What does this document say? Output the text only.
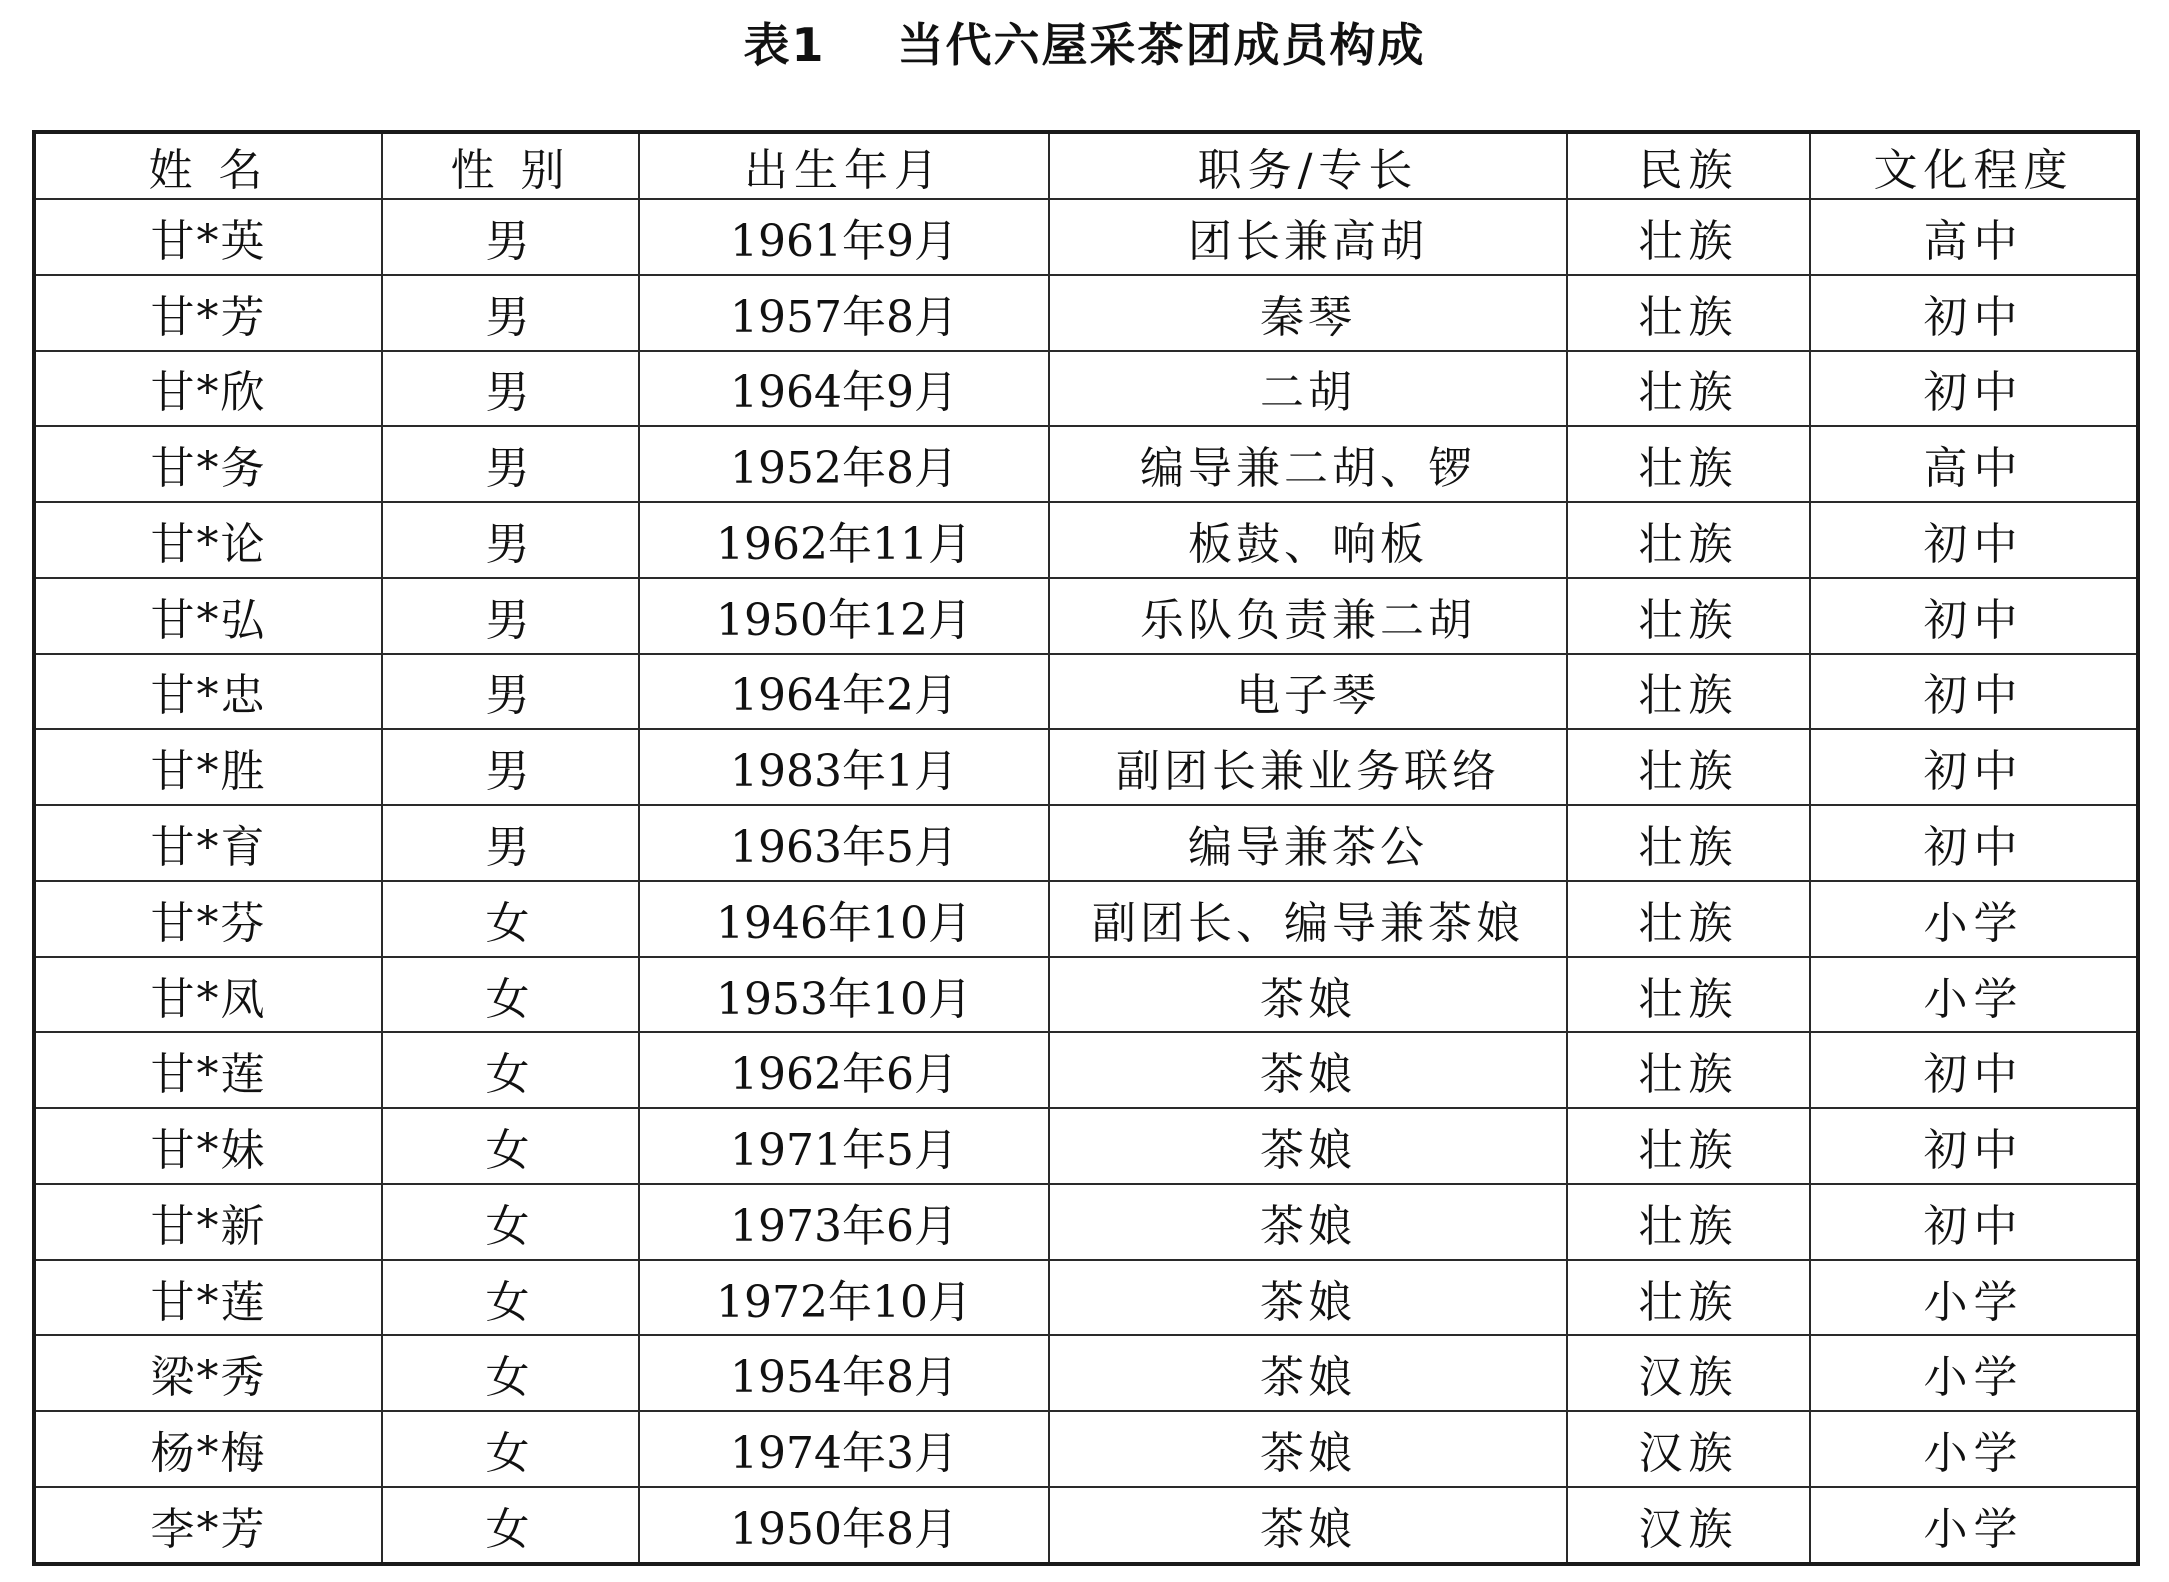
表1    当代六屋采茶团成员构成
姓 名	性 别	出生年月	职务/专长	民族	文化程度
甘*英	男	1961年9月	团长兼高胡	壮族	高中
甘*芳	男	1957年8月	秦琴	壮族	初中
甘*欣	男	1964年9月	二胡	壮族	初中
甘*务	男	1952年8月	编导兼二胡、锣	壮族	高中
甘*论	男	1962年11月	板鼓、响板	壮族	初中
甘*弘	男	1950年12月	乐队负责兼二胡	壮族	初中
甘*忠	男	1964年2月	电子琴	壮族	初中
甘*胜	男	1983年1月	副团长兼业务联络	壮族	初中
甘*育	男	1963年5月	编导兼茶公	壮族	初中
甘*芬	女	1946年10月	副团长、编导兼茶娘	壮族	小学
甘*凤	女	1953年10月	茶娘	壮族	小学
甘*莲	女	1962年6月	茶娘	壮族	初中
甘*妹	女	1971年5月	茶娘	壮族	初中
甘*新	女	1973年6月	茶娘	壮族	初中
甘*莲	女	1972年10月	茶娘	壮族	小学
梁*秀	女	1954年8月	茶娘	汉族	小学
杨*梅	女	1974年3月	茶娘	汉族	小学
李*芳	女	1950年8月	茶娘	汉族	小学
